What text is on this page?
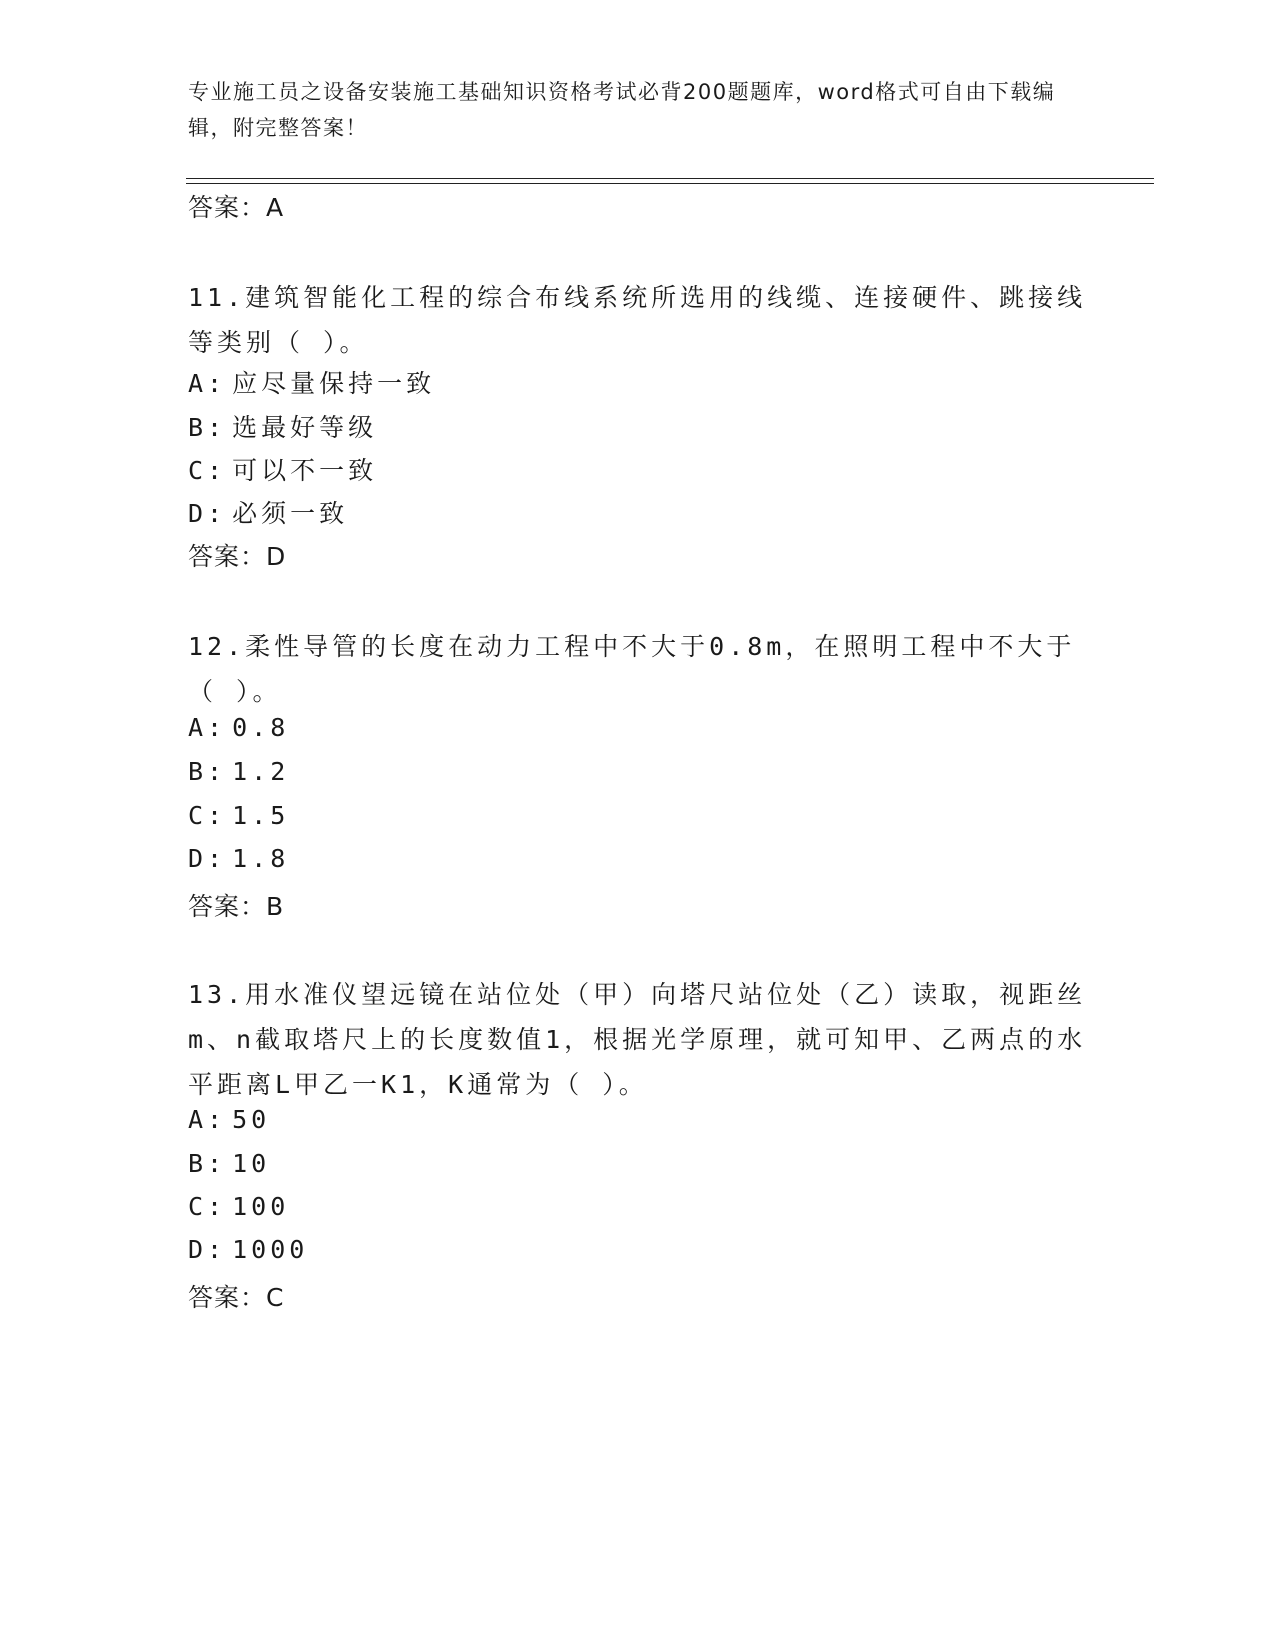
专业施工员之设备安装施工基础知识资格考试必背200题题库，word格式可自由下载编辑，附完整答案！
答案：A
11.建筑智能化工程的综合布线系统所选用的线缆、连接硬件、跳接线等类别（ ）。
A: 应尽量保持一致
B: 选最好等级
C: 可以不一致
D: 必须一致
答案：D
12.柔性导管的长度在动力工程中不大于0.8m，在照明工程中不大于（ ）。
A: 0.8
B: 1.2
C: 1.5
D: 1.8
答案：B
13.用水准仪望远镜在站位处（甲）向塔尺站位处（乙）读取，视距丝m、n截取塔尺上的长度数值1，根据光学原理，就可知甲、乙两点的水平距离L甲乙一K1，K通常为（ ）。
A: 50
B: 10
C: 100
D: 1000
答案：C
